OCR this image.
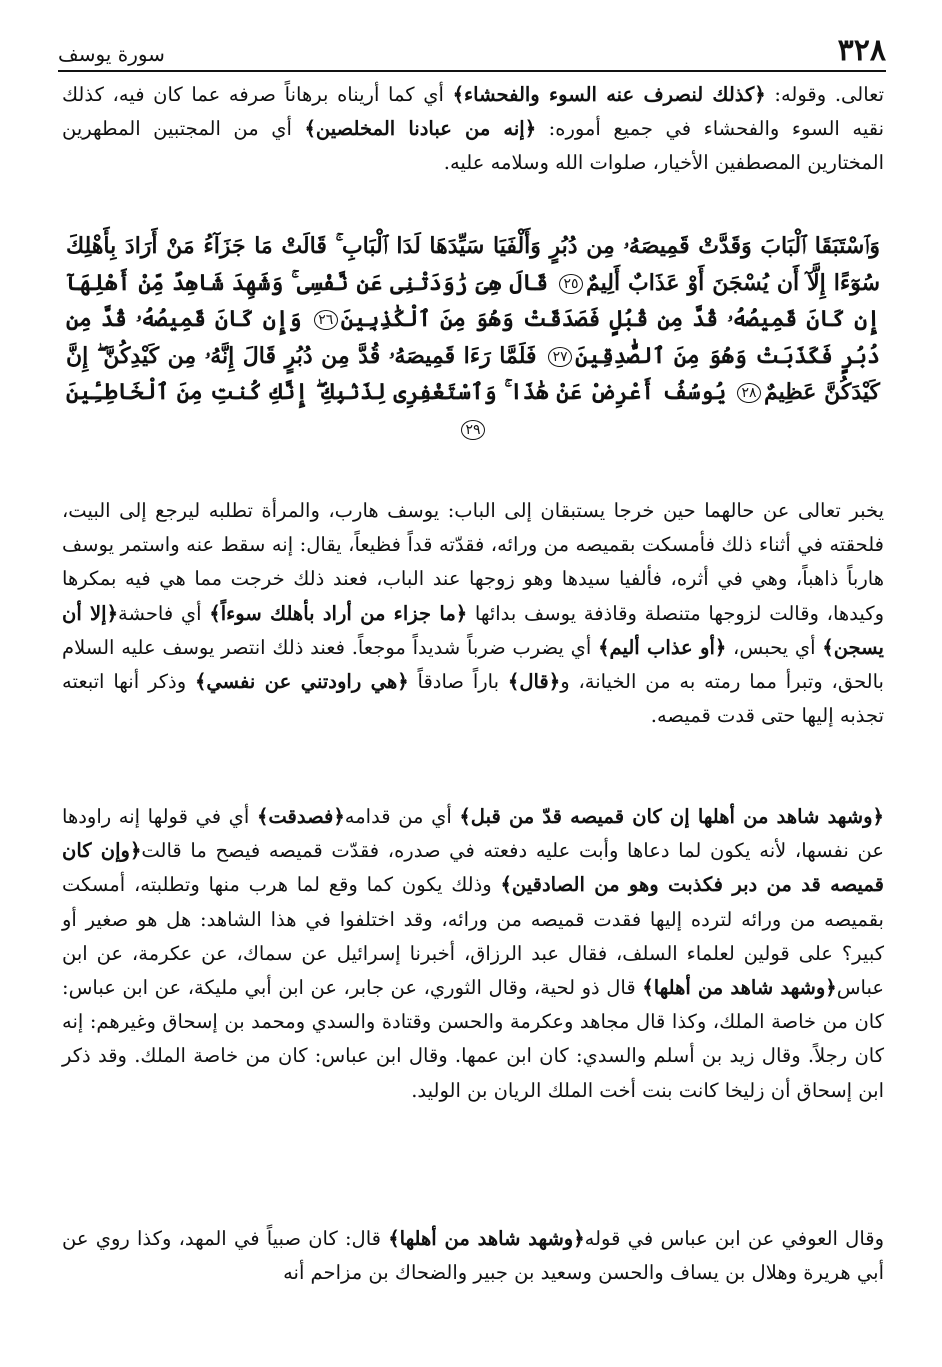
٣٢٨
سورة يوسف

تعالى. وقوله: ﴿كذلك لنصرف عنه السوء والفحشاء﴾ أي كما أريناه برهاناً صرفه عما كان فيه، كذلك نقيه السوء والفحشاء في جميع أموره: ﴿إنه من عبادنا المخلصين﴾ أي من المجتبين المطهرين المختارين المصطفين الأخيار، صلوات الله وسلامه عليه.

وَٱسْتَبَقَا ٱلْبَابَ وَقَدَّتْ قَمِيصَهُۥ مِن دُبُرٍ وَأَلْفَيَا سَيِّدَهَا لَدَا ٱلْبَابِ ۚ قَالَتْ مَا جَزَآءُ مَنْ أَرَادَ بِأَهْلِكَ سُوٓءًا إِلَّآ أَن يُسْجَنَ أَوْ عَذَابٌ أَلِيمٌ٢٥ قَالَ هِىَ رَٰوَدَتْنِى عَن نَّفْسِى ۚ وَشَهِدَ شَاهِدٌ مِّنْ أَهْلِهَآ إِن كَانَ قَمِيصُهُۥ قُدَّ مِن قُبُلٍ فَصَدَقَتْ وَهُوَ مِنَ ٱلْكَٰذِبِينَ٢٦ وَإِن كَانَ قَمِيصُهُۥ قُدَّ مِن دُبُرٍ فَكَذَبَتْ وَهُوَ مِنَ ٱلصَّٰدِقِينَ٢٧ فَلَمَّا رَءَا قَمِيصَهُۥ قُدَّ مِن دُبُرٍ قَالَ إِنَّهُۥ مِن كَيْدِكُنَّ ۖ إِنَّ كَيْدَكُنَّ عَظِيمٌ٢٨ يُوسُفُ أَعْرِضْ عَنْ هَٰذَا ۚ وَٱسْتَغْفِرِى لِذَنۢبِكِ ۖ إِنَّكِ كُنتِ مِنَ ٱلْخَاطِـِٔينَ٢٩

يخبر تعالى عن حالهما حين خرجا يستبقان إلى الباب: يوسف هارب، والمرأة تطلبه ليرجع إلى البيت، فلحقته في أثناء ذلك فأمسكت بقميصه من ورائه، فقدّته قداً فظيعاً، يقال: إنه سقط عنه واستمر يوسف هارباً ذاهباً، وهي في أثره، فألفيا سيدها وهو زوجها عند الباب، فعند ذلك خرجت مما هي فيه بمكرها وكيدها، وقالت لزوجها متنصلة وقاذفة يوسف بدائها ﴿ما جزاء من أراد بأهلك سوءاً﴾ أي فاحشة﴿إلا أن يسجن﴾ أي يحبس، ﴿أو عذاب أليم﴾ أي يضرب ضرباً شديداً موجعاً. فعند ذلك انتصر يوسف عليه السلام بالحق، وتبرأ مما رمته به من الخيانة، و﴿قال﴾ باراً صادقاً ﴿هي راودتني عن نفسي﴾ وذكر أنها اتبعته تجذبه إليها حتى قدت قميصه.

﴿وشهد شاهد من أهلها إن كان قميصه قدّ من قبل﴾ أي من قدامه﴿فصدقت﴾ أي في قولها إنه راودها عن نفسها، لأنه يكون لما دعاها وأبت عليه دفعته في صدره، فقدّت قميصه فيصح ما قالت﴿وإن كان قميصه قد من دبر فكذبت وهو من الصادقين﴾ وذلك يكون كما وقع لما هرب منها وتطلبته، أمسكت بقميصه من ورائه لترده إليها فقدت قميصه من ورائه، وقد اختلفوا في هذا الشاهد: هل هو صغير أو كبير؟ على قولين لعلماء السلف، فقال عبد الرزاق، أخبرنا إسرائيل عن سماك، عن عكرمة، عن ابن عباس﴿وشهد شاهد من أهلها﴾ قال ذو لحية، وقال الثوري، عن جابر، عن ابن أبي مليكة، عن ابن عباس: كان من خاصة الملك، وكذا قال مجاهد وعكرمة والحسن وقتادة والسدي ومحمد بن إسحاق وغيرهم: إنه كان رجلاً. وقال زيد بن أسلم والسدي: كان ابن عمها. وقال ابن عباس: كان من خاصة الملك. وقد ذكر ابن إسحاق أن زليخا كانت بنت أخت الملك الريان بن الوليد.

وقال العوفي عن ابن عباس في قوله﴿وشهد شاهد من أهلها﴾ قال: كان صبياً في المهد، وكذا روي عن أبي هريرة وهلال بن يساف والحسن وسعيد بن جبير والضحاك بن مزاحم أنه
